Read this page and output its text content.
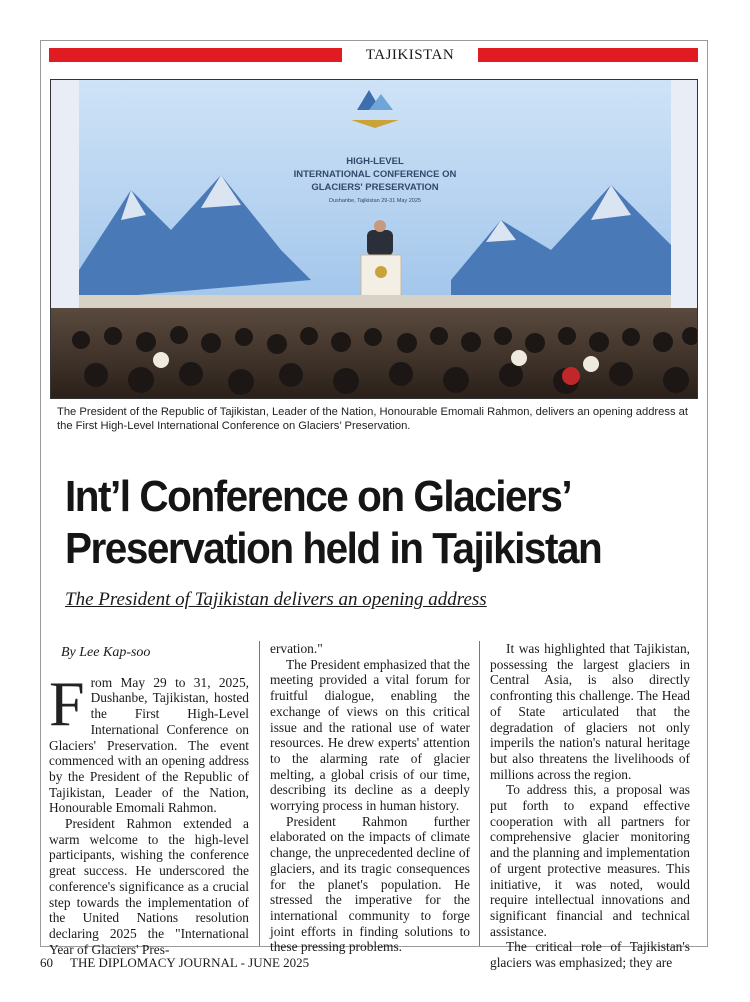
TAJIKISTAN
HIGH-LEVEL
INTERNATIONAL CONFERENCE ON
GLACIERS' PRESERVATION
Dushanbe, Tajikistan 29-31 May 2025
The President of the Republic of Tajikistan, Leader of the Nation, Honourable Emomali Rahmon, delivers an opening address at the First High-Level International Conference on Glaciers’ Preservation.
Int’l Conference on Glaciers’
Preservation held in Tajikistan
The President of Tajikistan delivers an opening address
By Lee Kap-soo

From May 29 to 31, 2025, Dushanbe, Tajikistan, hosted the First High-Level International Conference on Glaciers' Preservation. The event commenced with an opening address by the President of the Republic of Tajikistan, Leader of the Nation, Honourable Emomali Rahmon.

President Rahmon extended a warm welcome to the high-level participants, wishing the conference great success. He underscored the conference's significance as a crucial step towards the implementation of the United Nations resolution declaring 2025 the "International Year of Glaciers' Pres-

ervation."

The President emphasized that the meeting provided a vital forum for fruitful dialogue, enabling the exchange of views on this critical issue and the rational use of water resources. He drew experts' attention to the alarming rate of glacier melting, a global crisis of our time, describing its decline as a deeply worrying process in human history.

President Rahmon further elaborated on the impacts of climate change, the unprecedented decline of glaciers, and its tragic consequences for the planet's population. He stressed the imperative for the international community to forge joint efforts in finding solutions to these pressing problems.

It was highlighted that Tajikistan, possessing the largest glaciers in Central Asia, is also directly confronting this challenge. The Head of State articulated that the degradation of glaciers not only imperils the nation's natural heritage but also threatens the livelihoods of millions across the region.

To address this, a proposal was put forth to expand effective cooperation with all partners for comprehensive glacier monitoring and the planning and implementation of urgent protective measures. This initiative, it was noted, would require intellectual innovations and significant financial and technical assistance.

The critical role of Tajikistan's glaciers was emphasized; they are

60 THE DIPLOMACY JOURNAL - JUNE 2025
